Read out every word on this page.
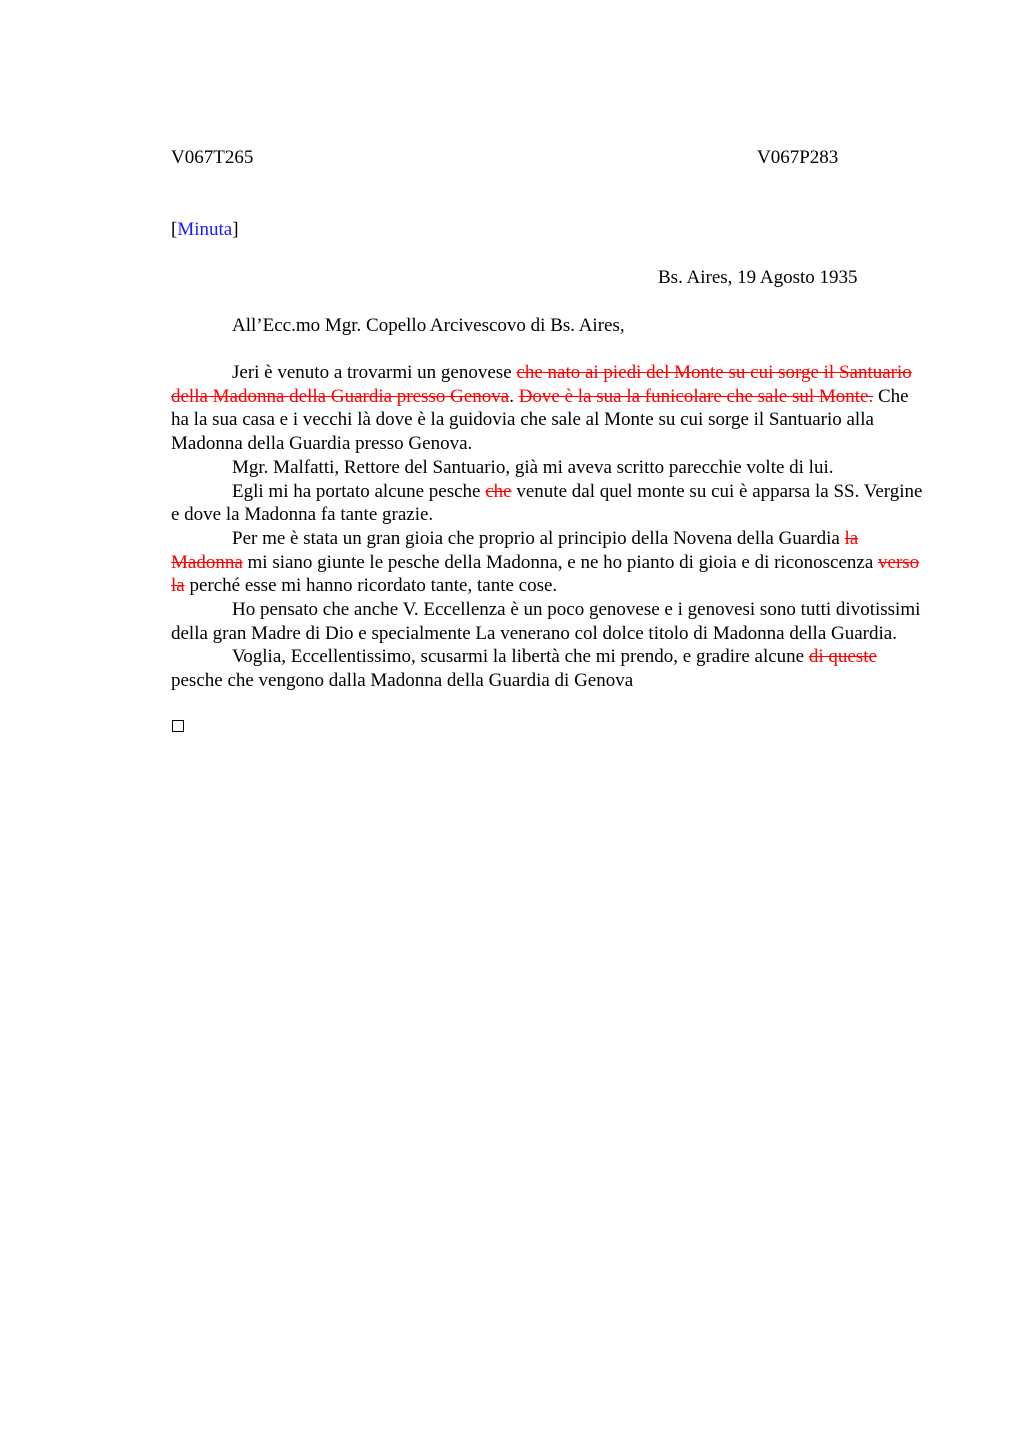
V067T265	V067P283
[Minuta]
Bs. Aires, 19 Agosto 1935
All’Ecc.mo Mgr. Copello Arcivescovo di Bs. Aires,

Jeri è venuto a trovarmi un genovese che nato ai piedi del Monte su cui sorge il Santuario della Madonna della Guardia presso Genova. Dove è la sua la funicolare che sale sul Monte. Che ha la sua casa e i vecchi là dove è la guidovia che sale al Monte su cui sorge il Santuario alla Madonna della Guardia presso Genova.

Mgr. Malfatti, Rettore del Santuario, già mi aveva scritto parecchie volte di lui.

Egli mi ha portato alcune pesche che venute dal quel monte su cui è apparsa la SS. Vergine e dove la Madonna fa tante grazie.

Per me è stata un gran gioia che proprio al principio della Novena della Guardia la Madonna mi siano giunte le pesche della Madonna, e ne ho pianto di gioia e di riconoscenza verso la perché esse mi hanno ricordato tante, tante cose.

Ho pensato che anche V. Eccellenza è un poco genovese e i genovesi sono tutti divotissimi della gran Madre di Dio e specialmente La venerano col dolce titolo di Madonna della Guardia.

Voglia, Eccellentissimo, scusarmi la libertà che mi prendo, e gradire alcune di queste pesche che vengono dalla Madonna della Guardia di Genova
